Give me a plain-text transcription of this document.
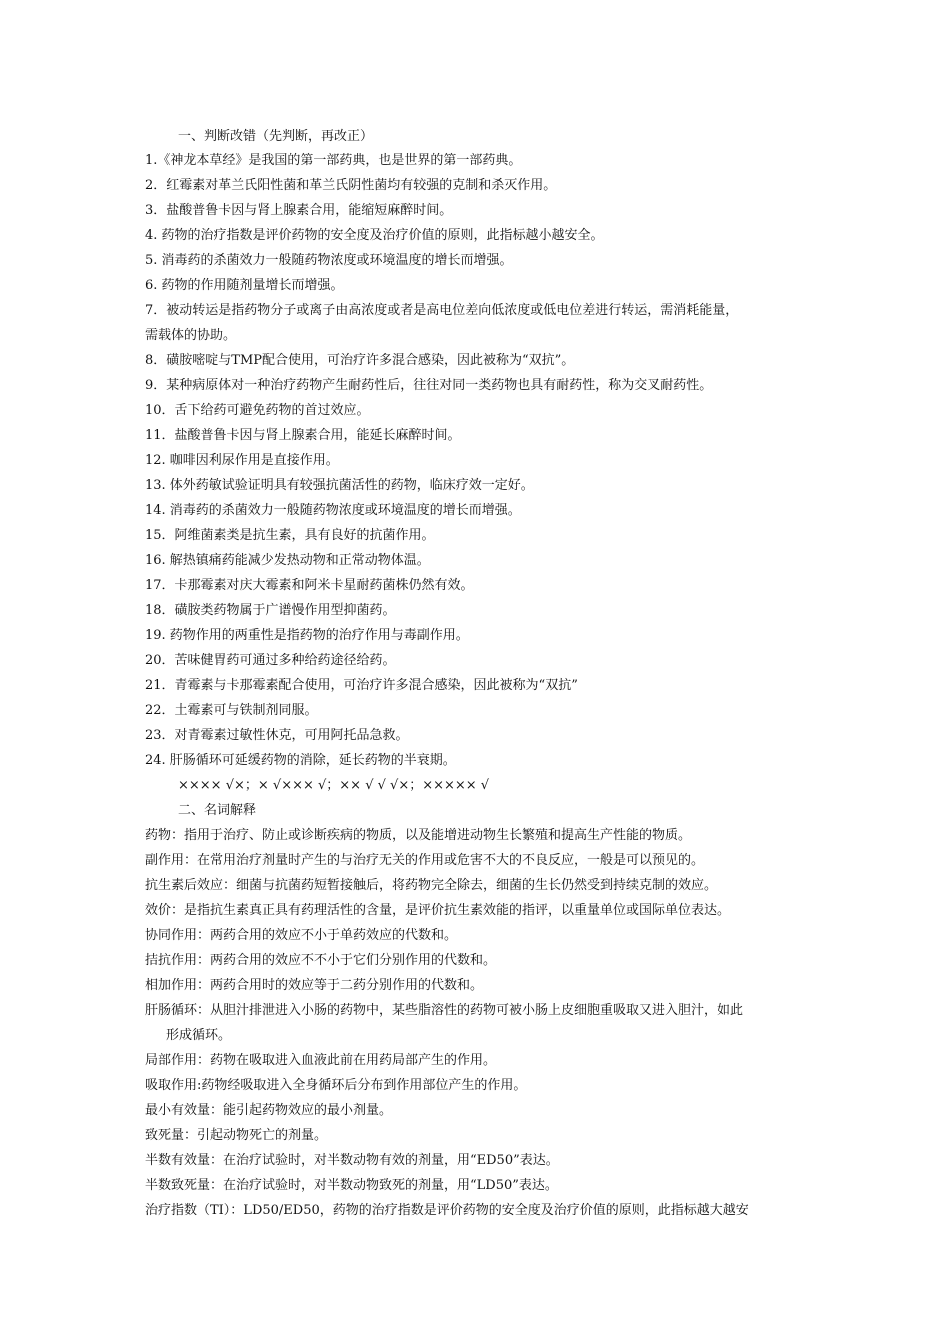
一、判断改错（先判断，再改正）
1.《神龙本草经》是我国的第一部药典，也是世界的第一部药典。
2．红霉素对革兰氏阳性菌和革兰氏阴性菌均有较强的克制和杀灭作用。
3．盐酸普鲁卡因与肾上腺素合用，能缩短麻醉时间。
4. 药物的治疗指数是评价药物的安全度及治疗价值的原则，此指标越小越安全。
5. 消毒药的杀菌效力一般随药物浓度或环境温度的增长而增强。
6. 药物的作用随剂量增长而增强。
7．被动转运是指药物分子或离子由高浓度或者是高电位差向低浓度或低电位差进行转运，需消耗能量，
需载体的协助。
8．磺胺嘧啶与TMP配合使用，可治疗许多混合感染，因此被称为“双抗”。
9．某种病原体对一种治疗药物产生耐药性后，往往对同一类药物也具有耐药性，称为交叉耐药性。
10．舌下给药可避免药物的首过效应。
11．盐酸普鲁卡因与肾上腺素合用，能延长麻醉时间。
12. 咖啡因利尿作用是直接作用。
13. 体外药敏试验证明具有较强抗菌活性的药物，临床疗效一定好。
14. 消毒药的杀菌效力一般随药物浓度或环境温度的增长而增强。
15．阿维菌素类是抗生素，具有良好的抗菌作用。
16. 解热镇痛药能减少发热动物和正常动物体温。
17．卡那霉素对庆大霉素和阿米卡星耐药菌株仍然有效。
18．磺胺类药物属于广谱慢作用型抑菌药。
19. 药物作用的两重性是指药物的治疗作用与毒副作用。
20．苦味健胃药可通过多种给药途径给药。
21．青霉素与卡那霉素配合使用，可治疗许多混合感染，因此被称为“双抗”
22．土霉素可与铁制剂同服。
23．对青霉素过敏性休克，可用阿托品急救。
24. 肝肠循环可延缓药物的消除，延长药物的半衰期。
×××× √×；× √××× √；×× √ √ √×；××××× √
二、名词解释
药物：指用于治疗、防止或诊断疾病的物质，以及能增进动物生长繁殖和提高生产性能的物质。
副作用：在常用治疗剂量时产生的与治疗无关的作用或危害不大的不良反应，一般是可以预见的。
抗生素后效应：细菌与抗菌药短暂接触后，将药物完全除去，细菌的生长仍然受到持续克制的效应。
效价：是指抗生素真正具有药理活性的含量，是评价抗生素效能的指评，以重量单位或国际单位表达。
协同作用：两药合用的效应不小于单药效应的代数和。
拮抗作用：两药合用的效应不不小于它们分别作用的代数和。
相加作用：两药合用时的效应等于二药分别作用的代数和。
肝肠循环：从胆汁排泄进入小肠的药物中，某些脂溶性的药物可被小肠上皮细胞重吸取又进入胆汁，如此
形成循环。
局部作用：药物在吸取进入血液此前在用药局部产生的作用。
吸取作用:药物经吸取进入全身循环后分布到作用部位产生的作用。
最小有效量：能引起药物效应的最小剂量。
致死量：引起动物死亡的剂量。
半数有效量：在治疗试验时，对半数动物有效的剂量，用“ED50”表达。
半数致死量：在治疗试验时，对半数动物致死的剂量，用“LD50”表达。
治疗指数（TI）：LD50/ED50，药物的治疗指数是评价药物的安全度及治疗价值的原则，此指标越大越安
